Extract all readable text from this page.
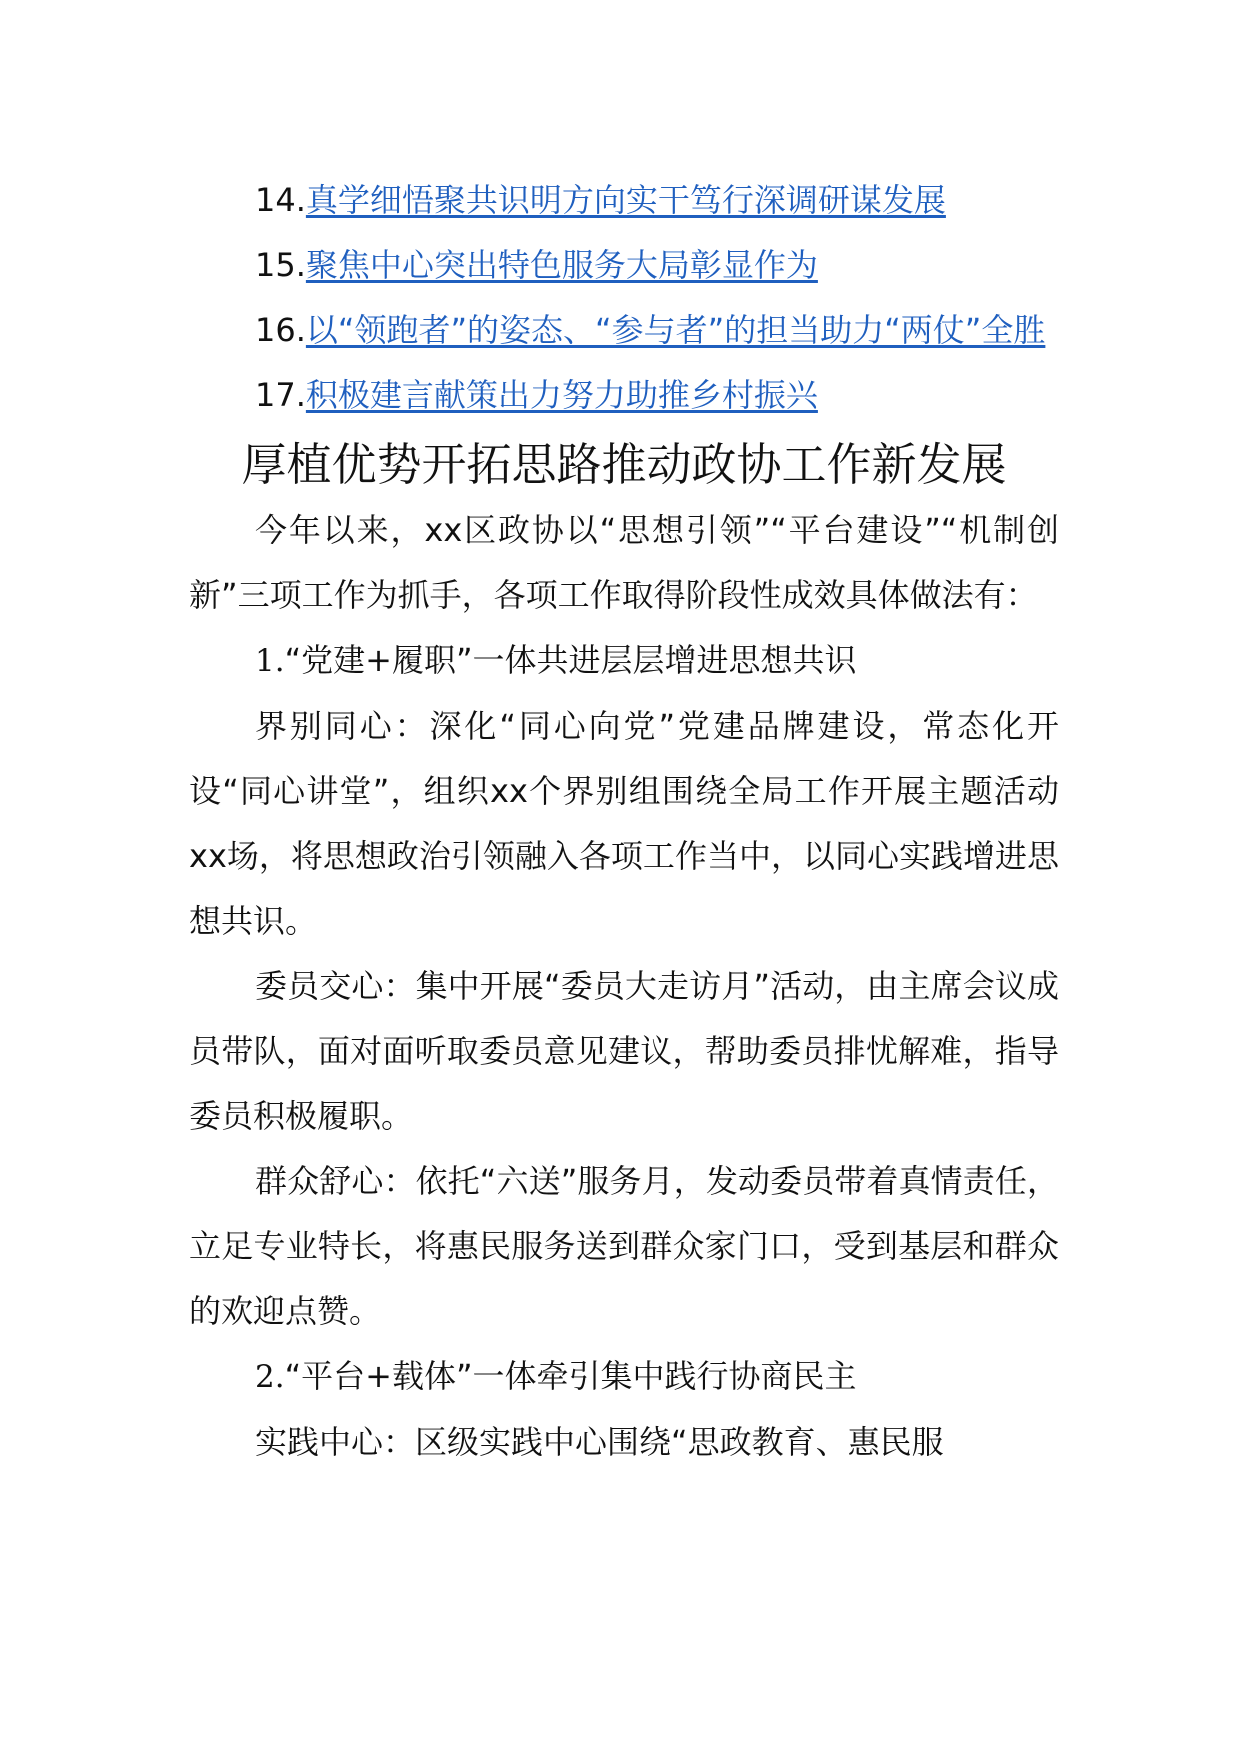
14.真学细悟聚共识明方向实干笃行深调研谋发展

15.聚焦中心突出特色服务大局彰显作为

16.以“领跑者”的姿态、“参与者”的担当助力“两仗”全胜

17.积极建言献策出力努力助推乡村振兴

厚植优势开拓思路推动政协工作新发展

今年以来，xx区政协以“思想引领”“平台建设”“机制创新”三项工作为抓手，各项工作取得阶段性成效具体做法有：

1.“党建+履职”一体共进层层增进思想共识

界别同心：深化“同心向党”党建品牌建设，常态化开设“同心讲堂”，组织xx个界别组围绕全局工作开展主题活动xx场，将思想政治引领融入各项工作当中，以同心实践增进思想共识。

委员交心：集中开展“委员大走访月”活动，由主席会议成员带队，面对面听取委员意见建议，帮助委员排忧解难，指导委员积极履职。

群众舒心：依托“六送”服务月，发动委员带着真情责任，立足专业特长，将惠民服务送到群众家门口，受到基层和群众的欢迎点赞。

2.“平台+载体”一体牵引集中践行协商民主

实践中心：区级实践中心围绕“思政教育、惠民服
